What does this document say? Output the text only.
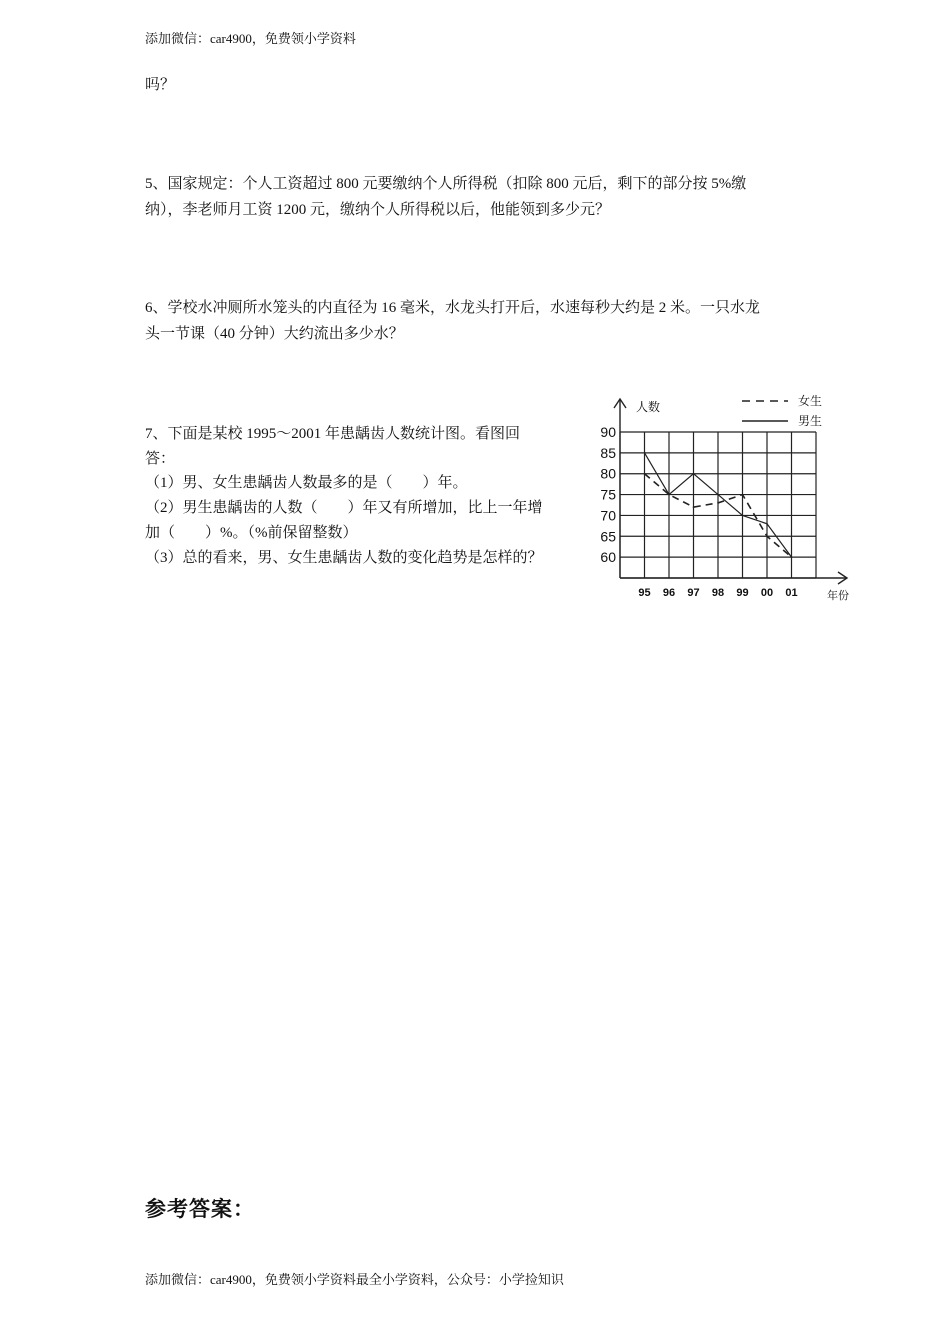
添加微信：car4900，免费领小学资料
吗？
5、国家规定：个人工资超过 800 元要缴纳个人所得税（扣除 800 元后，剩下的部分按 5%缴
纳），李老师月工资 1200 元，缴纳个人所得税以后，他能领到多少元？
6、学校水冲厕所水笼头的内直径为 16 毫米，水龙头打开后，水速每秒大约是 2 米。一只水龙
头一节课（40 分钟）大约流出多少水？
7、下面是某校 1995～2001 年患龋齿人数统计图。看图回
答：
（1）男、女生患龋齿人数最多的是（　　）年。
（2）男生患龋齿的人数（　　）年又有所增加，比上一年增
加（　　）%。（%前保留整数）
（3）总的看来，男、女生患龋齿人数的变化趋势是怎样的？	60
65
70
75
80
85
90
95 96 97 98 99 00 01
人数
年份
女生
男生
参考答案：
添加微信：car4900，免费领小学资料最全小学资料，公众号：小学捡知识
